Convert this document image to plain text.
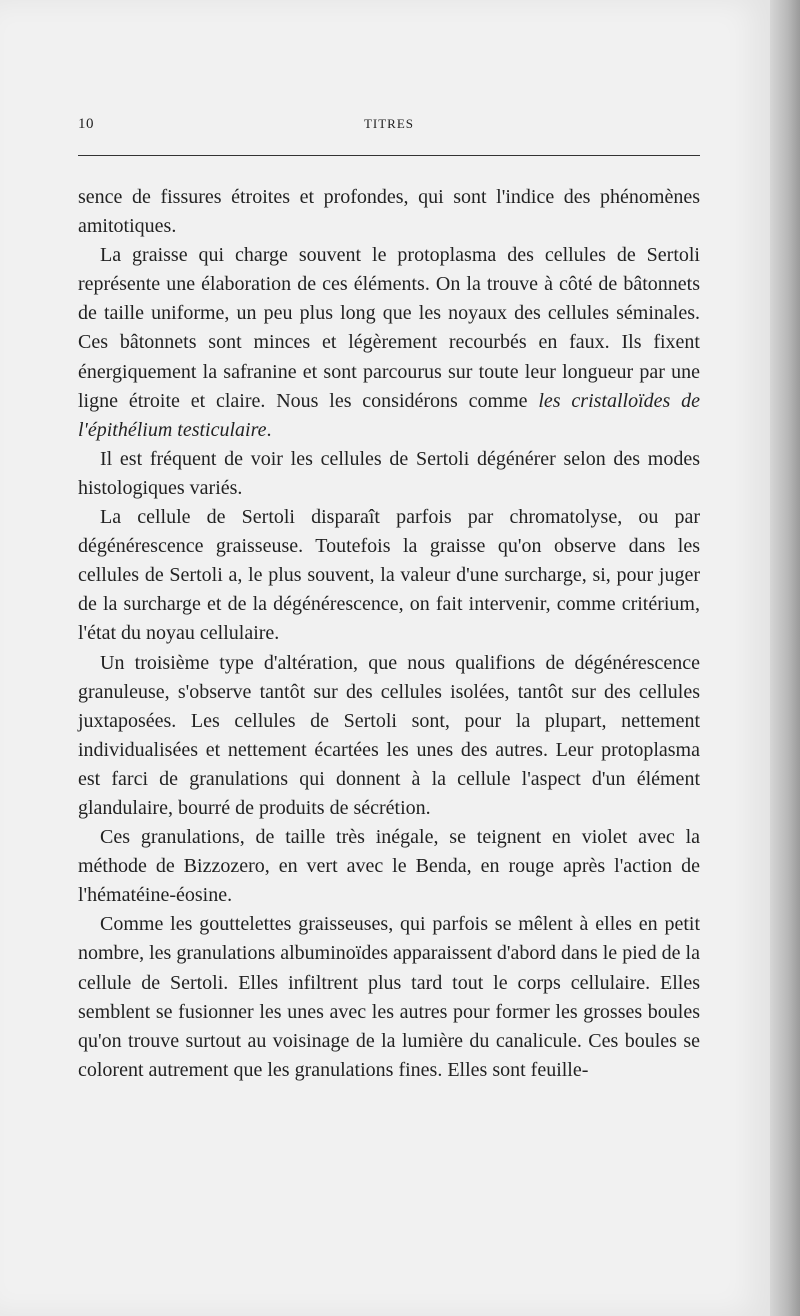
10	TITRES

sence de fissures étroites et profondes, qui sont l'indice des phénomènes amitotiques.

La graisse qui charge souvent le protoplasma des cellules de Sertoli représente une élaboration de ces éléments. On la trouve à côté de bâtonnets de taille uniforme, un peu plus long que les noyaux des cellules séminales. Ces bâtonnets sont minces et légèrement recourbés en faux. Ils fixent énergiquement la safranine et sont parcourus sur toute leur longueur par une ligne étroite et claire. Nous les considérons comme les cristalloïdes de l'épithélium testiculaire.

Il est fréquent de voir les cellules de Sertoli dégénérer selon des modes histologiques variés.

La cellule de Sertoli disparaît parfois par chromatolyse, ou par dégénérescence graisseuse. Toutefois la graisse qu'on observe dans les cellules de Sertoli a, le plus souvent, la valeur d'une surcharge, si, pour juger de la surcharge et de la dégénérescence, on fait intervenir, comme critérium, l'état du noyau cellulaire.

Un troisième type d'altération, que nous qualifions de dégénérescence granuleuse, s'observe tantôt sur des cellules isolées, tantôt sur des cellules juxtaposées. Les cellules de Sertoli sont, pour la plupart, nettement individualisées et nettement écartées les unes des autres. Leur protoplasma est farci de granulations qui donnent à la cellule l'aspect d'un élément glandulaire, bourré de produits de sécrétion.

Ces granulations, de taille très inégale, se teignent en violet avec la méthode de Bizzozero, en vert avec le Benda, en rouge après l'action de l'hématéine-éosine.

Comme les gouttelettes graisseuses, qui parfois se mêlent à elles en petit nombre, les granulations albuminoïdes apparaissent d'abord dans le pied de la cellule de Sertoli. Elles infiltrent plus tard tout le corps cellulaire. Elles semblent se fusionner les unes avec les autres pour former les grosses boules qu'on trouve surtout au voisinage de la lumière du canalicule. Ces boules se colorent autrement que les granulations fines. Elles sont feuille-
